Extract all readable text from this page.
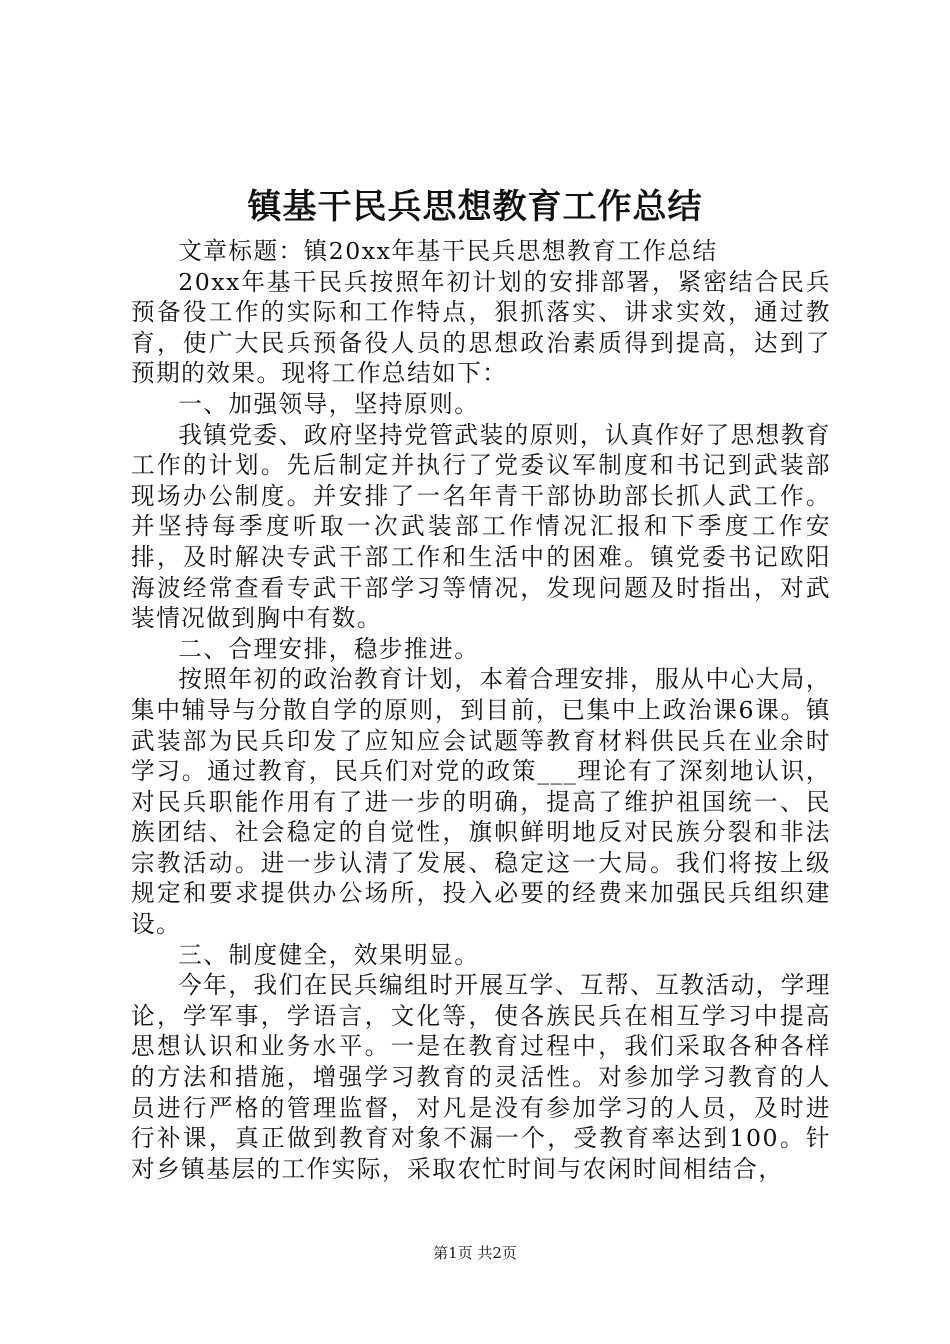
镇基干民兵思想教育工作总结

文章标题：镇20xx年基干民兵思想教育工作总结

20xx年基干民兵按照年初计划的安排部署，紧密结合民兵预备役工作的实际和工作特点，狠抓落实、讲求实效，通过教育，使广大民兵预备役人员的思想政治素质得到提高，达到了预期的效果。现将工作总结如下：

一、加强领导，坚持原则。

我镇党委、政府坚持党管武装的原则，认真作好了思想教育工作的计划。先后制定并执行了党委议军制度和书记到武装部现场办公制度。并安排了一名年青干部协助部长抓人武工作。并坚持每季度听取一次武装部工作情况汇报和下季度工作安排，及时解决专武干部工作和生活中的困难。镇党委书记欧阳海波经常查看专武干部学习等情况，发现问题及时指出，对武装情况做到胸中有数。

二、合理安排，稳步推进。

按照年初的政治教育计划，本着合理安排，服从中心大局，集中辅导与分散自学的原则，到目前，已集中上政治课6课。镇武装部为民兵印发了应知应会试题等教育材料供民兵在业余时学习。通过教育，民兵们对党的政策___理论有了深刻地认识，对民兵职能作用有了进一步的明确，提高了维护祖国统一、民族团结、社会稳定的自觉性，旗帜鲜明地反对民族分裂和非法宗教活动。进一步认清了发展、稳定这一大局。我们将按上级规定和要求提供办公场所，投入必要的经费来加强民兵组织建设。

三、制度健全，效果明显。

今年，我们在民兵编组时开展互学、互帮、互教活动，学理论，学军事，学语言，文化等，使各族民兵在相互学习中提高思想认识和业务水平。一是在教育过程中，我们采取各种各样的方法和措施，增强学习教育的灵活性。对参加学习教育的人员进行严格的管理监督，对凡是没有参加学习的人员，及时进行补课，真正做到教育对象不漏一个，受教育率达到100。针对乡镇基层的工作实际，采取农忙时间与农闲时间相结合，

第1页 共2页
